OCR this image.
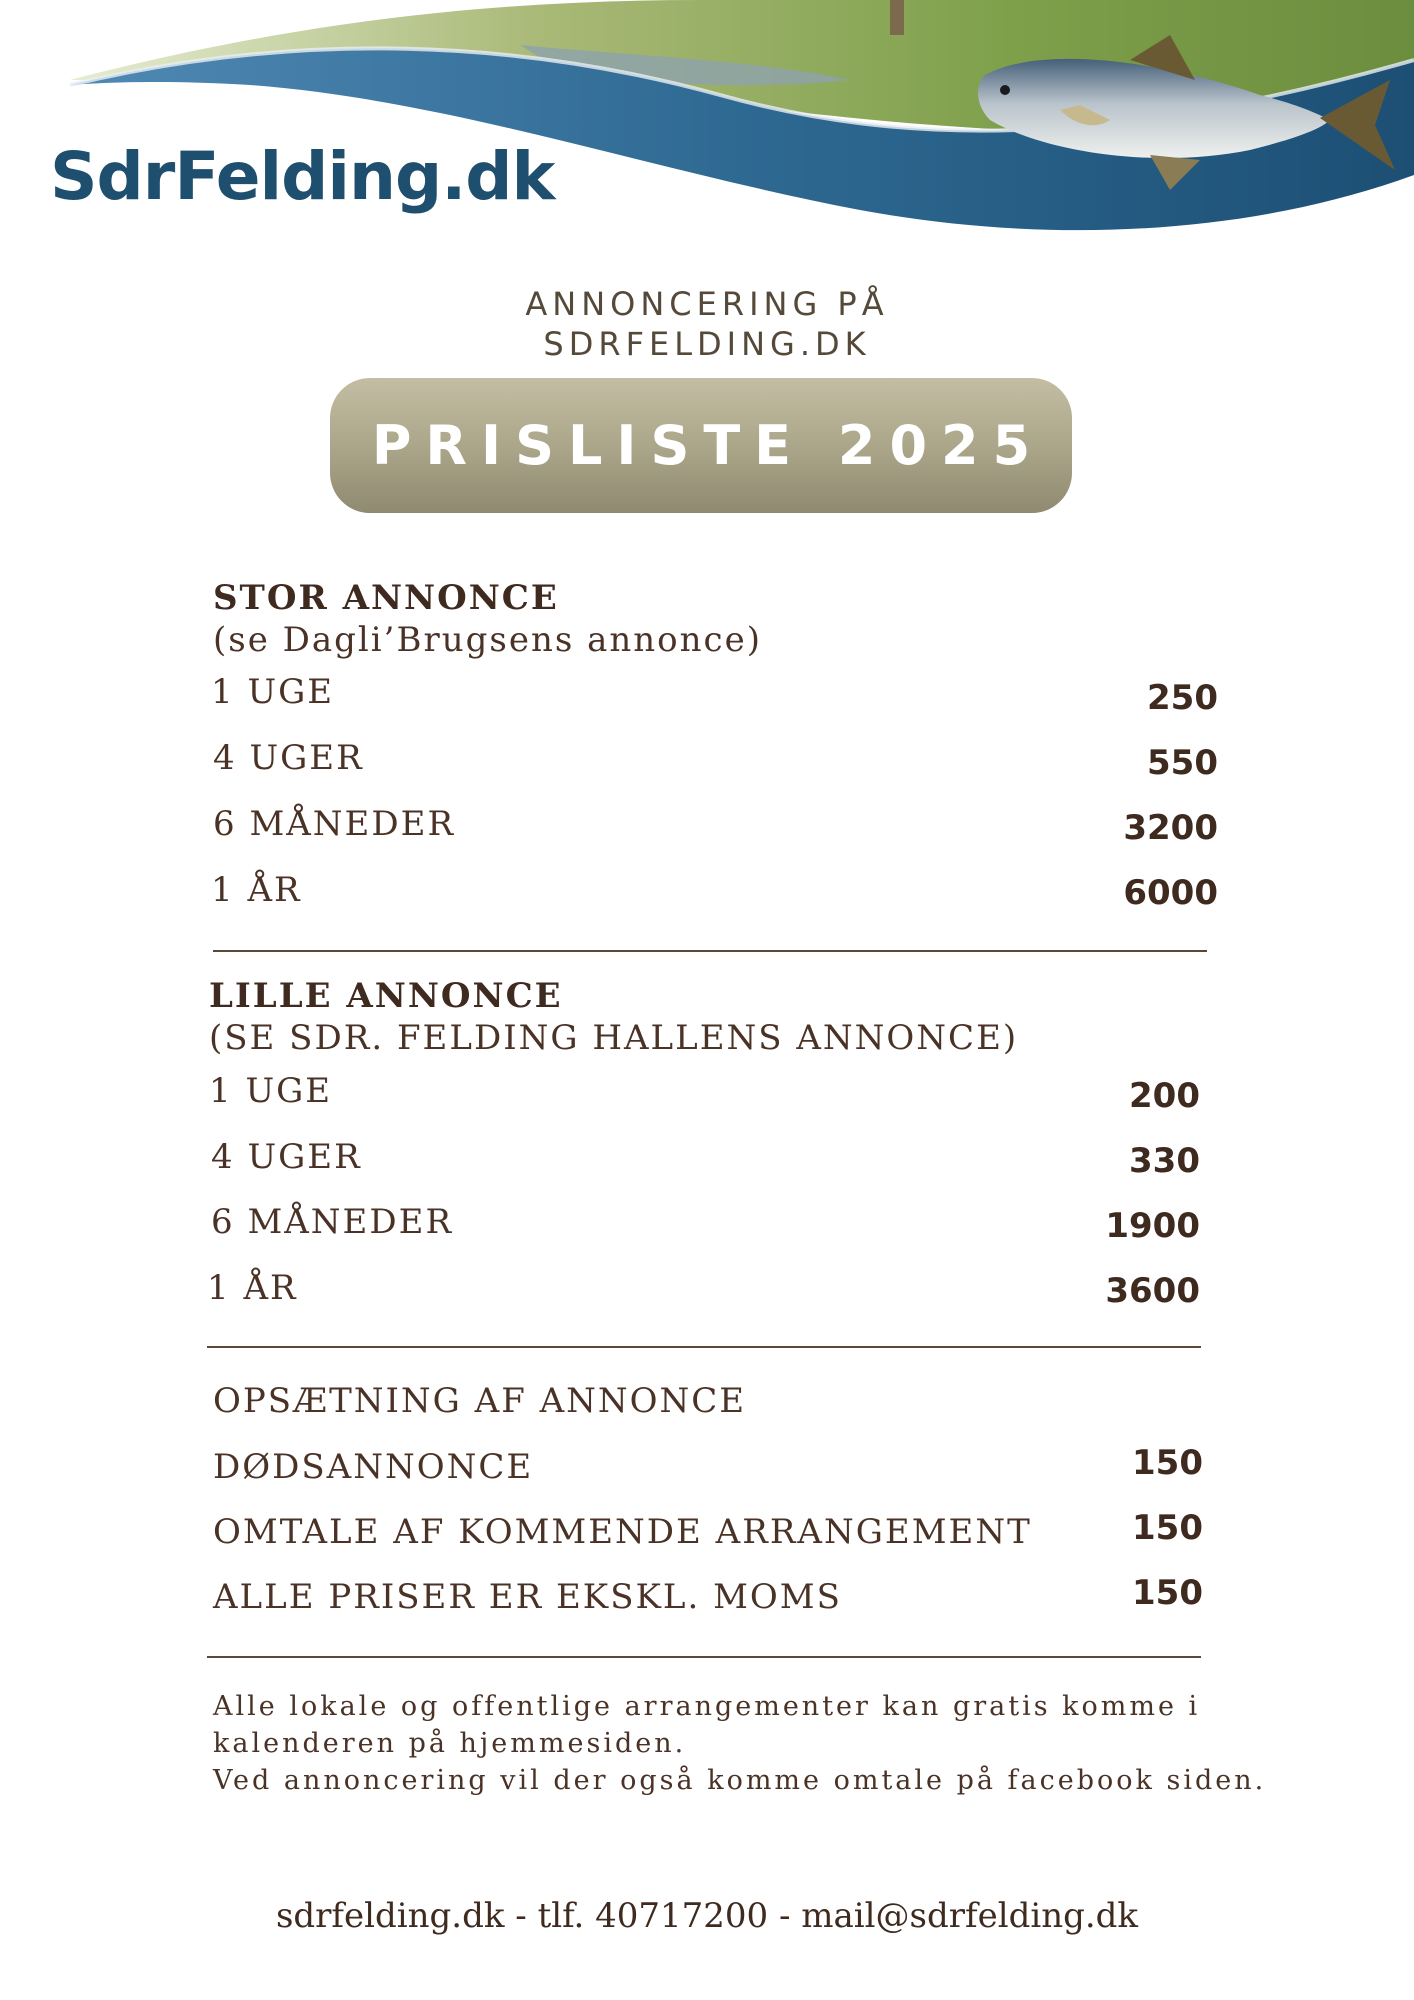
SdrFelding.dk
ANNONCERING PÅ
SDRFELDING.DK
PRISLISTE 2025
STOR ANNONCE
(se Dagli’Brugsens annonce)
1 UGE	250
4 UGER	550
6 MÅNEDER	3200
1 ÅR	6000
LILLE ANNONCE
(SE SDR. FELDING HALLENS ANNONCE)
1 UGE	200
4 UGER	330
6 MÅNEDER	1900
1 ÅR	3600
OPSÆTNING AF ANNONCE
DØDSANNONCE	150
OMTALE AF KOMMENDE ARRANGEMENT	150
ALLE PRISER ER EKSKL. MOMS	150
Alle lokale og offentlige arrangementer kan gratis komme i
kalenderen på hjemmesiden.
Ved annoncering vil der også komme omtale på facebook siden.
sdrfelding.dk - tlf. 40717200 - mail@sdrfelding.dk
